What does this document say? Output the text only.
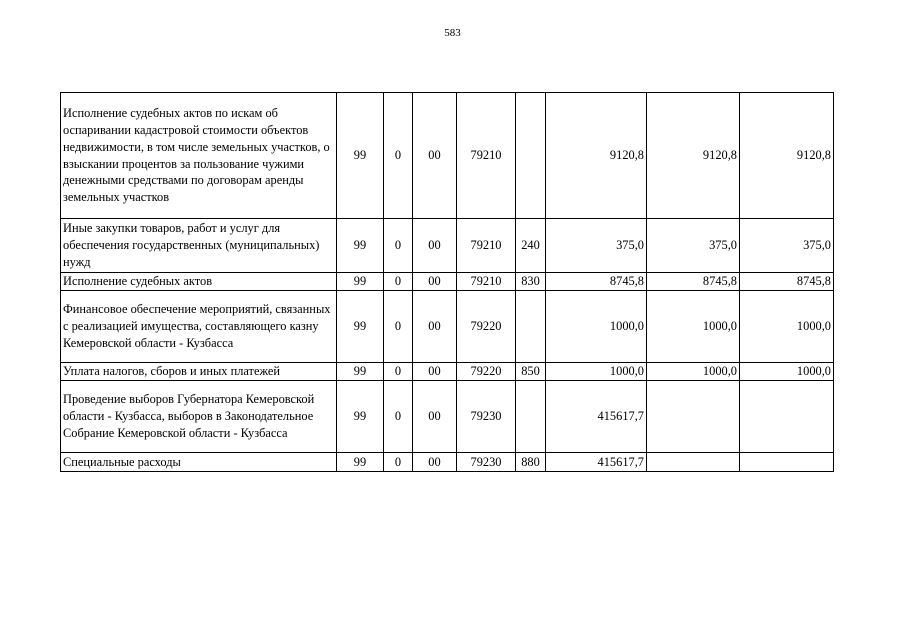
583
Исполнение судебных актов по искам об оспаривании кадастровой стоимости объектов недвижимости, в том числе земельных участков, о взыскании процентов за пользование чужими денежными средствами по договорам аренды земельных участков	99	0	00	79210		9120,8	9120,8	9120,8
Иные закупки товаров, работ и услуг для обеспечения государственных (муниципальных) нужд	99	0	00	79210	240	375,0	375,0	375,0
Исполнение судебных актов	99	0	00	79210	830	8745,8	8745,8	8745,8
Финансовое обеспечение мероприятий, связанных с реализацией имущества, составляющего казну Кемеровской области - Кузбасса	99	0	00	79220		1000,0	1000,0	1000,0
Уплата налогов, сборов и иных платежей	99	0	00	79220	850	1000,0	1000,0	1000,0
Проведение выборов Губернатора Кемеровской области - Кузбасса, выборов в Законодательное Собрание Кемеровской области - Кузбасса	99	0	00	79230		415617,7		
Специальные расходы	99	0	00	79230	880	415617,7		
